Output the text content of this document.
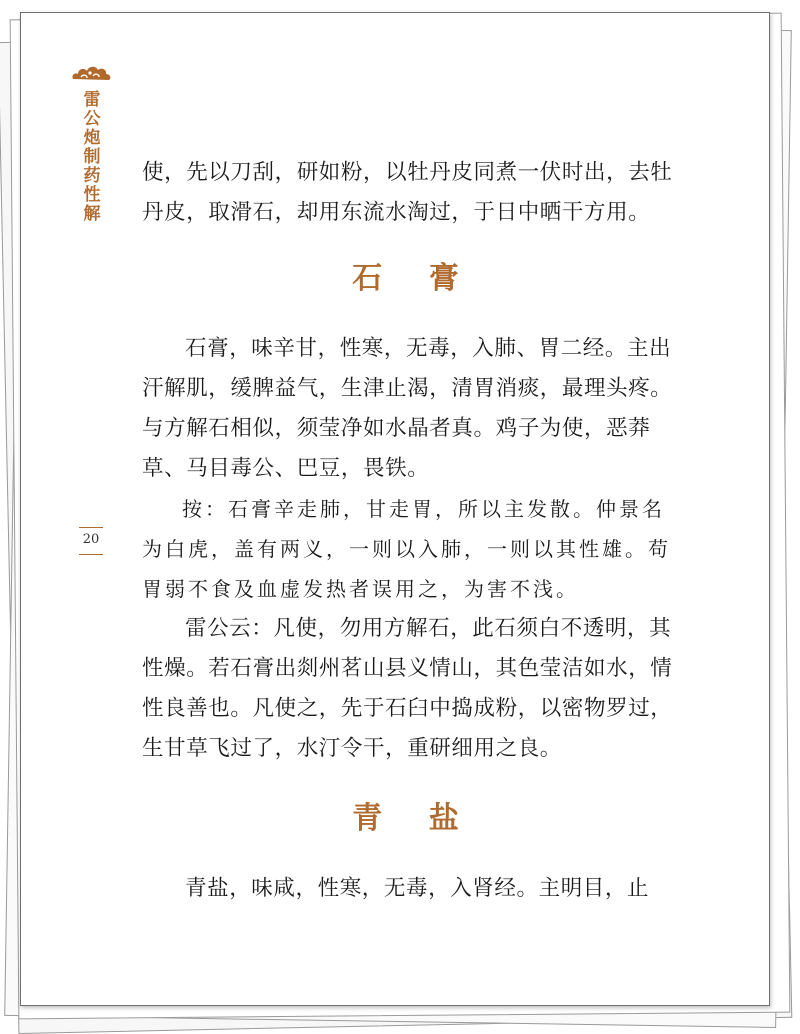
雷
公
炮
制
药
性
解
20

使，先以刀刮，研如粉，以牡丹皮同煮一伏时出，去牡丹皮，取滑石，却用东流水淘过，于日中晒干方用。

石 膏

石膏，味辛甘，性寒，无毒，入肺、胃二经。主出汗解肌，缓脾益气，生津止渴，清胃消痰，最理头疼。与方解石相似，须莹净如水晶者真。鸡子为使，恶莽草、马目毒公、巴豆，畏铁。

按：石膏辛走肺，甘走胃，所以主发散。仲景名为白虎，盖有两义，一则以入肺，一则以其性雄。苟胃弱不食及血虚发热者误用之，为害不浅。

雷公云：凡使，勿用方解石，此石须白不透明，其性燥。若石膏出剡州茗山县义情山，其色莹洁如水，情性良善也。凡使之，先于石臼中捣成粉，以密物罗过，生甘草飞过了，水汀令干，重研细用之良。

青 盐

青盐，味咸，性寒，无毒，入肾经。主明目，止
